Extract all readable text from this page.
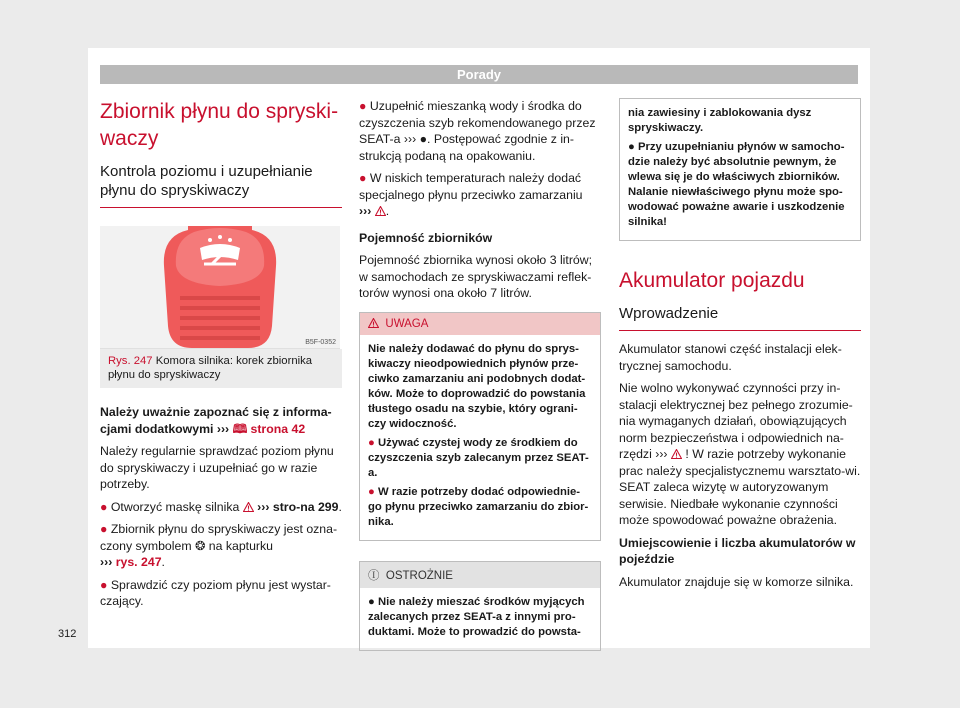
Porady
Zbiornik płynu do spryski-waczy
Kontrola poziomu i uzupełnianie płynu do spryskiwaczy
B5F-0352
Rys. 247 Komora silnika: korek zbiornika płynu do spryskiwaczy

Należy uważnie zapoznać się z informa-cjami dodatkowymi ››› 🕮 strona 42

Należy regularnie sprawdzać poziom płynu do spryskiwaczy i uzupełniać go w razie potrzeby.

● Otworzyć maskę silnika ››› stro-na 299.

● Zbiornik płynu do spryskiwaczy jest ozna-czony symbolem ❂ na kapturku
››› rys. 247.

● Sprawdzić czy poziom płynu jest wystar-czający.

● Uzupełnić mieszanką wody i środka do czyszczenia szyb rekomendowanego przez SEAT-a ››› ●. Postępować zgodnie z in-strukcją podaną na opakowaniu.

● W niskich temperaturach należy dodać specjalnego płynu przeciwko zamarzaniu
››› .

Pojemność zbiorników

Pojemność zbiornika wynosi około 3 litrów; w samochodach ze spryskiwaczami reflek-torów wynosi ona około 7 litrów.

UWAGA
Nie należy dodawać do płynu do sprys-kiwaczy nieodpowiednich płynów prze-ciwko zamarzaniu ani podobnych dodat-ków. Może to doprowadzić do powstania tłustego osadu na szybie, który ograni-czy widoczność.
● Używać czystej wody ze środkiem do czyszczenia szyb zalecanym przez SEAT-a.
● W razie potrzeby dodać odpowiednie-go płynu przeciwko zamarzaniu do zbior-nika.
Ⓘ OSTROŻNIE
● Nie należy mieszać środków myjących zalecanych przez SEAT-a z innymi pro-duktami. Może to prowadzić do powsta-
nia zawiesiny i zablokowania dysz spryskiwaczy.
● Przy uzupełnianiu płynów w samocho-dzie należy być absolutnie pewnym, że wlewa się je do właściwych zbiorników. Nalanie niewłaściwego płynu może spo-wodować poważne awarie i uszkodzenie silnika!
Akumulator pojazdu
Wprowadzenie

Akumulator stanowi część instalacji elek-trycznej samochodu.

Nie wolno wykonywać czynności przy in-stalacji elektrycznej bez pełnego zrozumie-nia wymaganych działań, obowiązujących norm bezpieczeństwa i odpowiednich na-rzędzi ››› ! W razie potrzeby wykonanie prac należy specjalistycznemu warsztato-wi. SEAT zaleca wizytę w autoryzowanym serwisie. Niedbałe wykonanie czynności może spowodować poważne obrażenia.

Umiejscowienie i liczba akumulatorów w pojeździe

Akumulator znajduje się w komorze silnika.

312
